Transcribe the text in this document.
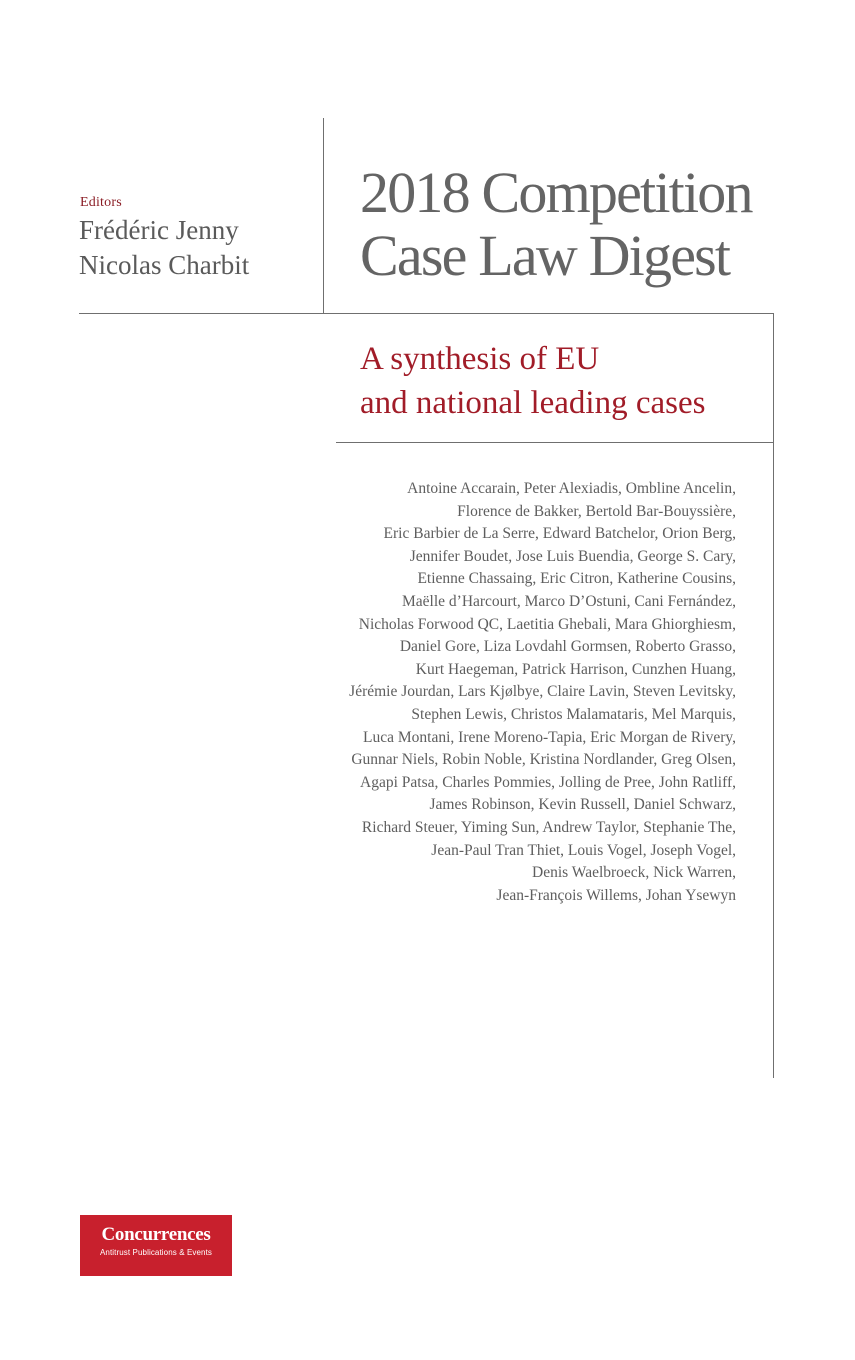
Editors
Frédéric Jenny
Nicolas Charbit
2018 Competition
Case Law Digest
A synthesis of EU
and national leading cases
Antoine Accarain, Peter Alexiadis, Ombline Ancelin,
Florence de Bakker, Bertold Bar-Bouyssière,
Eric Barbier de La Serre, Edward Batchelor, Orion Berg,
Jennifer Boudet, Jose Luis Buendia, George S. Cary,
Etienne Chassaing, Eric Citron, Katherine Cousins,
Maëlle d’Harcourt, Marco D’Ostuni, Cani Fernández,
Nicholas Forwood QC, Laetitia Ghebali, Mara Ghiorghiesm,
Daniel Gore, Liza Lovdahl Gormsen, Roberto Grasso,
Kurt Haegeman, Patrick Harrison, Cunzhen Huang,
Jérémie Jourdan, Lars Kjølbye, Claire Lavin, Steven Levitsky,
Stephen Lewis, Christos Malamataris, Mel Marquis,
Luca Montani, Irene Moreno-Tapia, Eric Morgan de Rivery,
Gunnar Niels, Robin Noble, Kristina Nordlander, Greg Olsen,
Agapi Patsa, Charles Pommies, Jolling de Pree, John Ratliff,
James Robinson, Kevin Russell, Daniel Schwarz,
Richard Steuer, Yiming Sun, Andrew Taylor, Stephanie The,
Jean-Paul Tran Thiet, Louis Vogel, Joseph Vogel,
Denis Waelbroeck, Nick Warren,
Jean-François Willems, Johan Ysewyn
Concurrences
Antitrust Publications & Events
